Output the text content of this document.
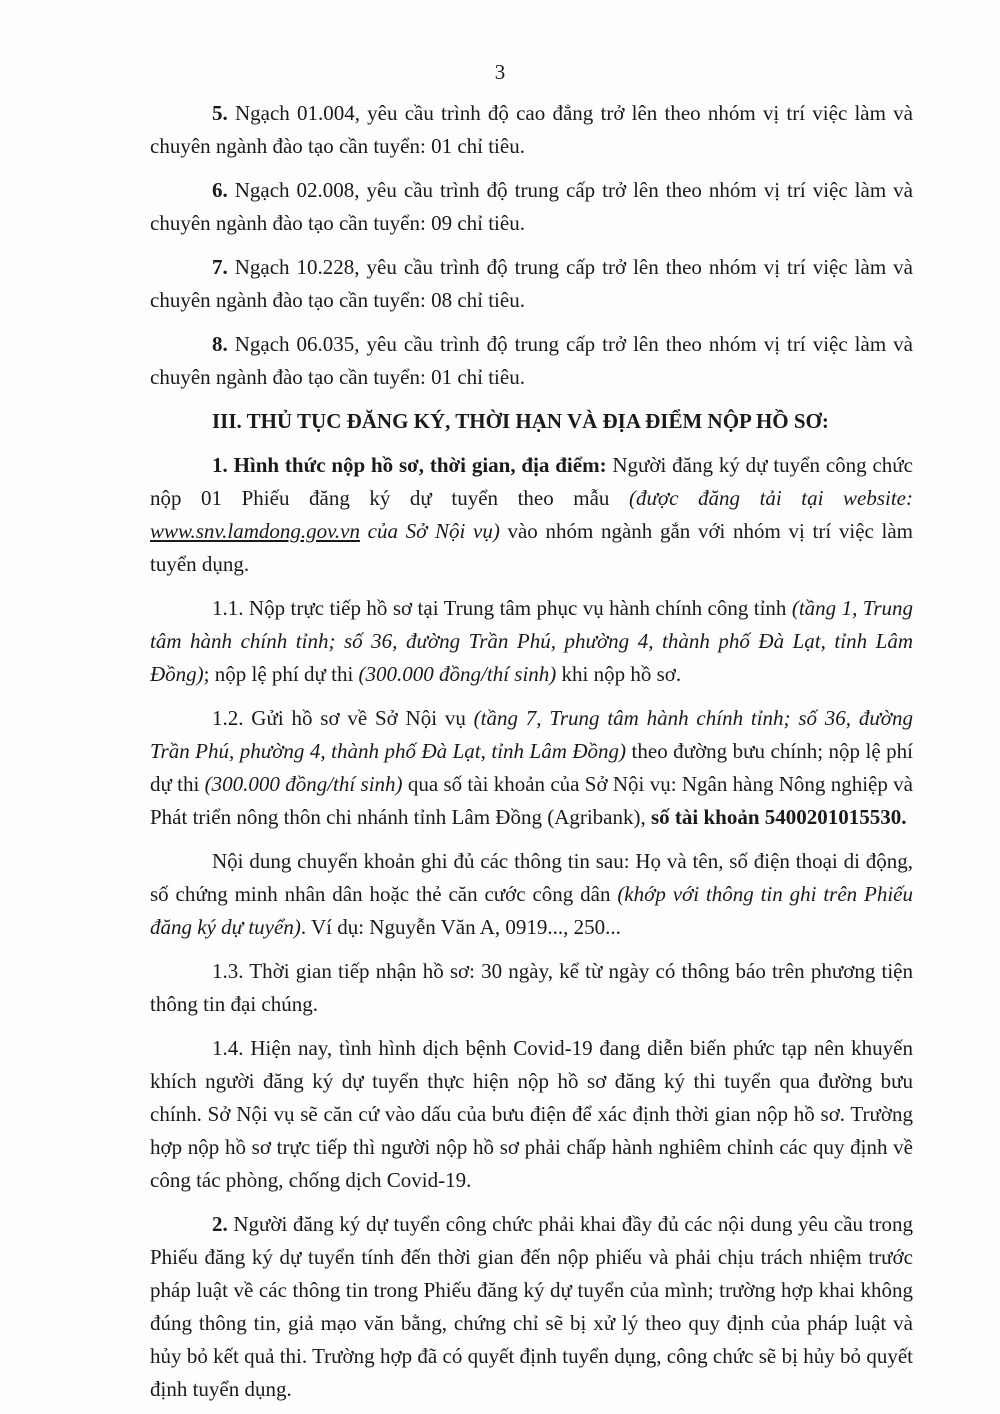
3

5. Ngạch 01.004, yêu cầu trình độ cao đẳng trở lên theo nhóm vị trí việc làm và chuyên ngành đào tạo cần tuyển: 01 chỉ tiêu.

6. Ngạch 02.008, yêu cầu trình độ trung cấp trở lên theo nhóm vị trí việc làm và chuyên ngành đào tạo cần tuyển: 09 chỉ tiêu.

7. Ngạch 10.228, yêu cầu trình độ trung cấp trở lên theo nhóm vị trí việc làm và chuyên ngành đào tạo cần tuyển: 08 chỉ tiêu.

8. Ngạch 06.035, yêu cầu trình độ trung cấp trở lên theo nhóm vị trí việc làm và chuyên ngành đào tạo cần tuyển: 01 chỉ tiêu.

III. THỦ TỤC ĐĂNG KÝ, THỜI HẠN VÀ ĐỊA ĐIỂM NỘP HỒ SƠ:

1. Hình thức nộp hồ sơ, thời gian, địa điểm: Người đăng ký dự tuyển công chức nộp 01 Phiếu đăng ký dự tuyển theo mẫu (được đăng tải tại website: www.snv.lamdong.gov.vn của Sở Nội vụ) vào nhóm ngành gắn với nhóm vị trí việc làm tuyển dụng.

1.1. Nộp trực tiếp hồ sơ tại Trung tâm phục vụ hành chính công tỉnh (tầng 1, Trung tâm hành chính tỉnh; số 36, đường Trần Phú, phường 4, thành phố Đà Lạt, tỉnh Lâm Đồng); nộp lệ phí dự thi (300.000 đồng/thí sinh) khi nộp hồ sơ.

1.2. Gửi hồ sơ về Sở Nội vụ (tầng 7, Trung tâm hành chính tỉnh; số 36, đường Trần Phú, phường 4, thành phố Đà Lạt, tỉnh Lâm Đồng) theo đường bưu chính; nộp lệ phí dự thi (300.000 đồng/thí sinh) qua số tài khoản của Sở Nội vụ: Ngân hàng Nông nghiệp và Phát triển nông thôn chi nhánh tỉnh Lâm Đồng (Agribank), số tài khoản 5400201015530.

Nội dung chuyển khoản ghi đủ các thông tin sau: Họ và tên, số điện thoại di động, số chứng minh nhân dân hoặc thẻ căn cước công dân (khớp với thông tin ghi trên Phiếu đăng ký dự tuyển). Ví dụ: Nguyễn Văn A, 0919..., 250...

1.3. Thời gian tiếp nhận hồ sơ: 30 ngày, kể từ ngày có thông báo trên phương tiện thông tin đại chúng.

1.4. Hiện nay, tình hình dịch bệnh Covid-19 đang diễn biến phức tạp nên khuyến khích người đăng ký dự tuyển thực hiện nộp hồ sơ đăng ký thi tuyển qua đường bưu chính. Sở Nội vụ sẽ căn cứ vào dấu của bưu điện để xác định thời gian nộp hồ sơ. Trường hợp nộp hồ sơ trực tiếp thì người nộp hồ sơ phải chấp hành nghiêm chỉnh các quy định về công tác phòng, chống dịch Covid-19.

2. Người đăng ký dự tuyển công chức phải khai đầy đủ các nội dung yêu cầu trong Phiếu đăng ký dự tuyển tính đến thời gian đến nộp phiếu và phải chịu trách nhiệm trước pháp luật về các thông tin trong Phiếu đăng ký dự tuyển của mình; trường hợp khai không đúng thông tin, giả mạo văn bằng, chứng chỉ sẽ bị xử lý theo quy định của pháp luật và hủy bỏ kết quả thi. Trường hợp đã có quyết định tuyển dụng, công chức sẽ bị hủy bỏ quyết định tuyển dụng.
